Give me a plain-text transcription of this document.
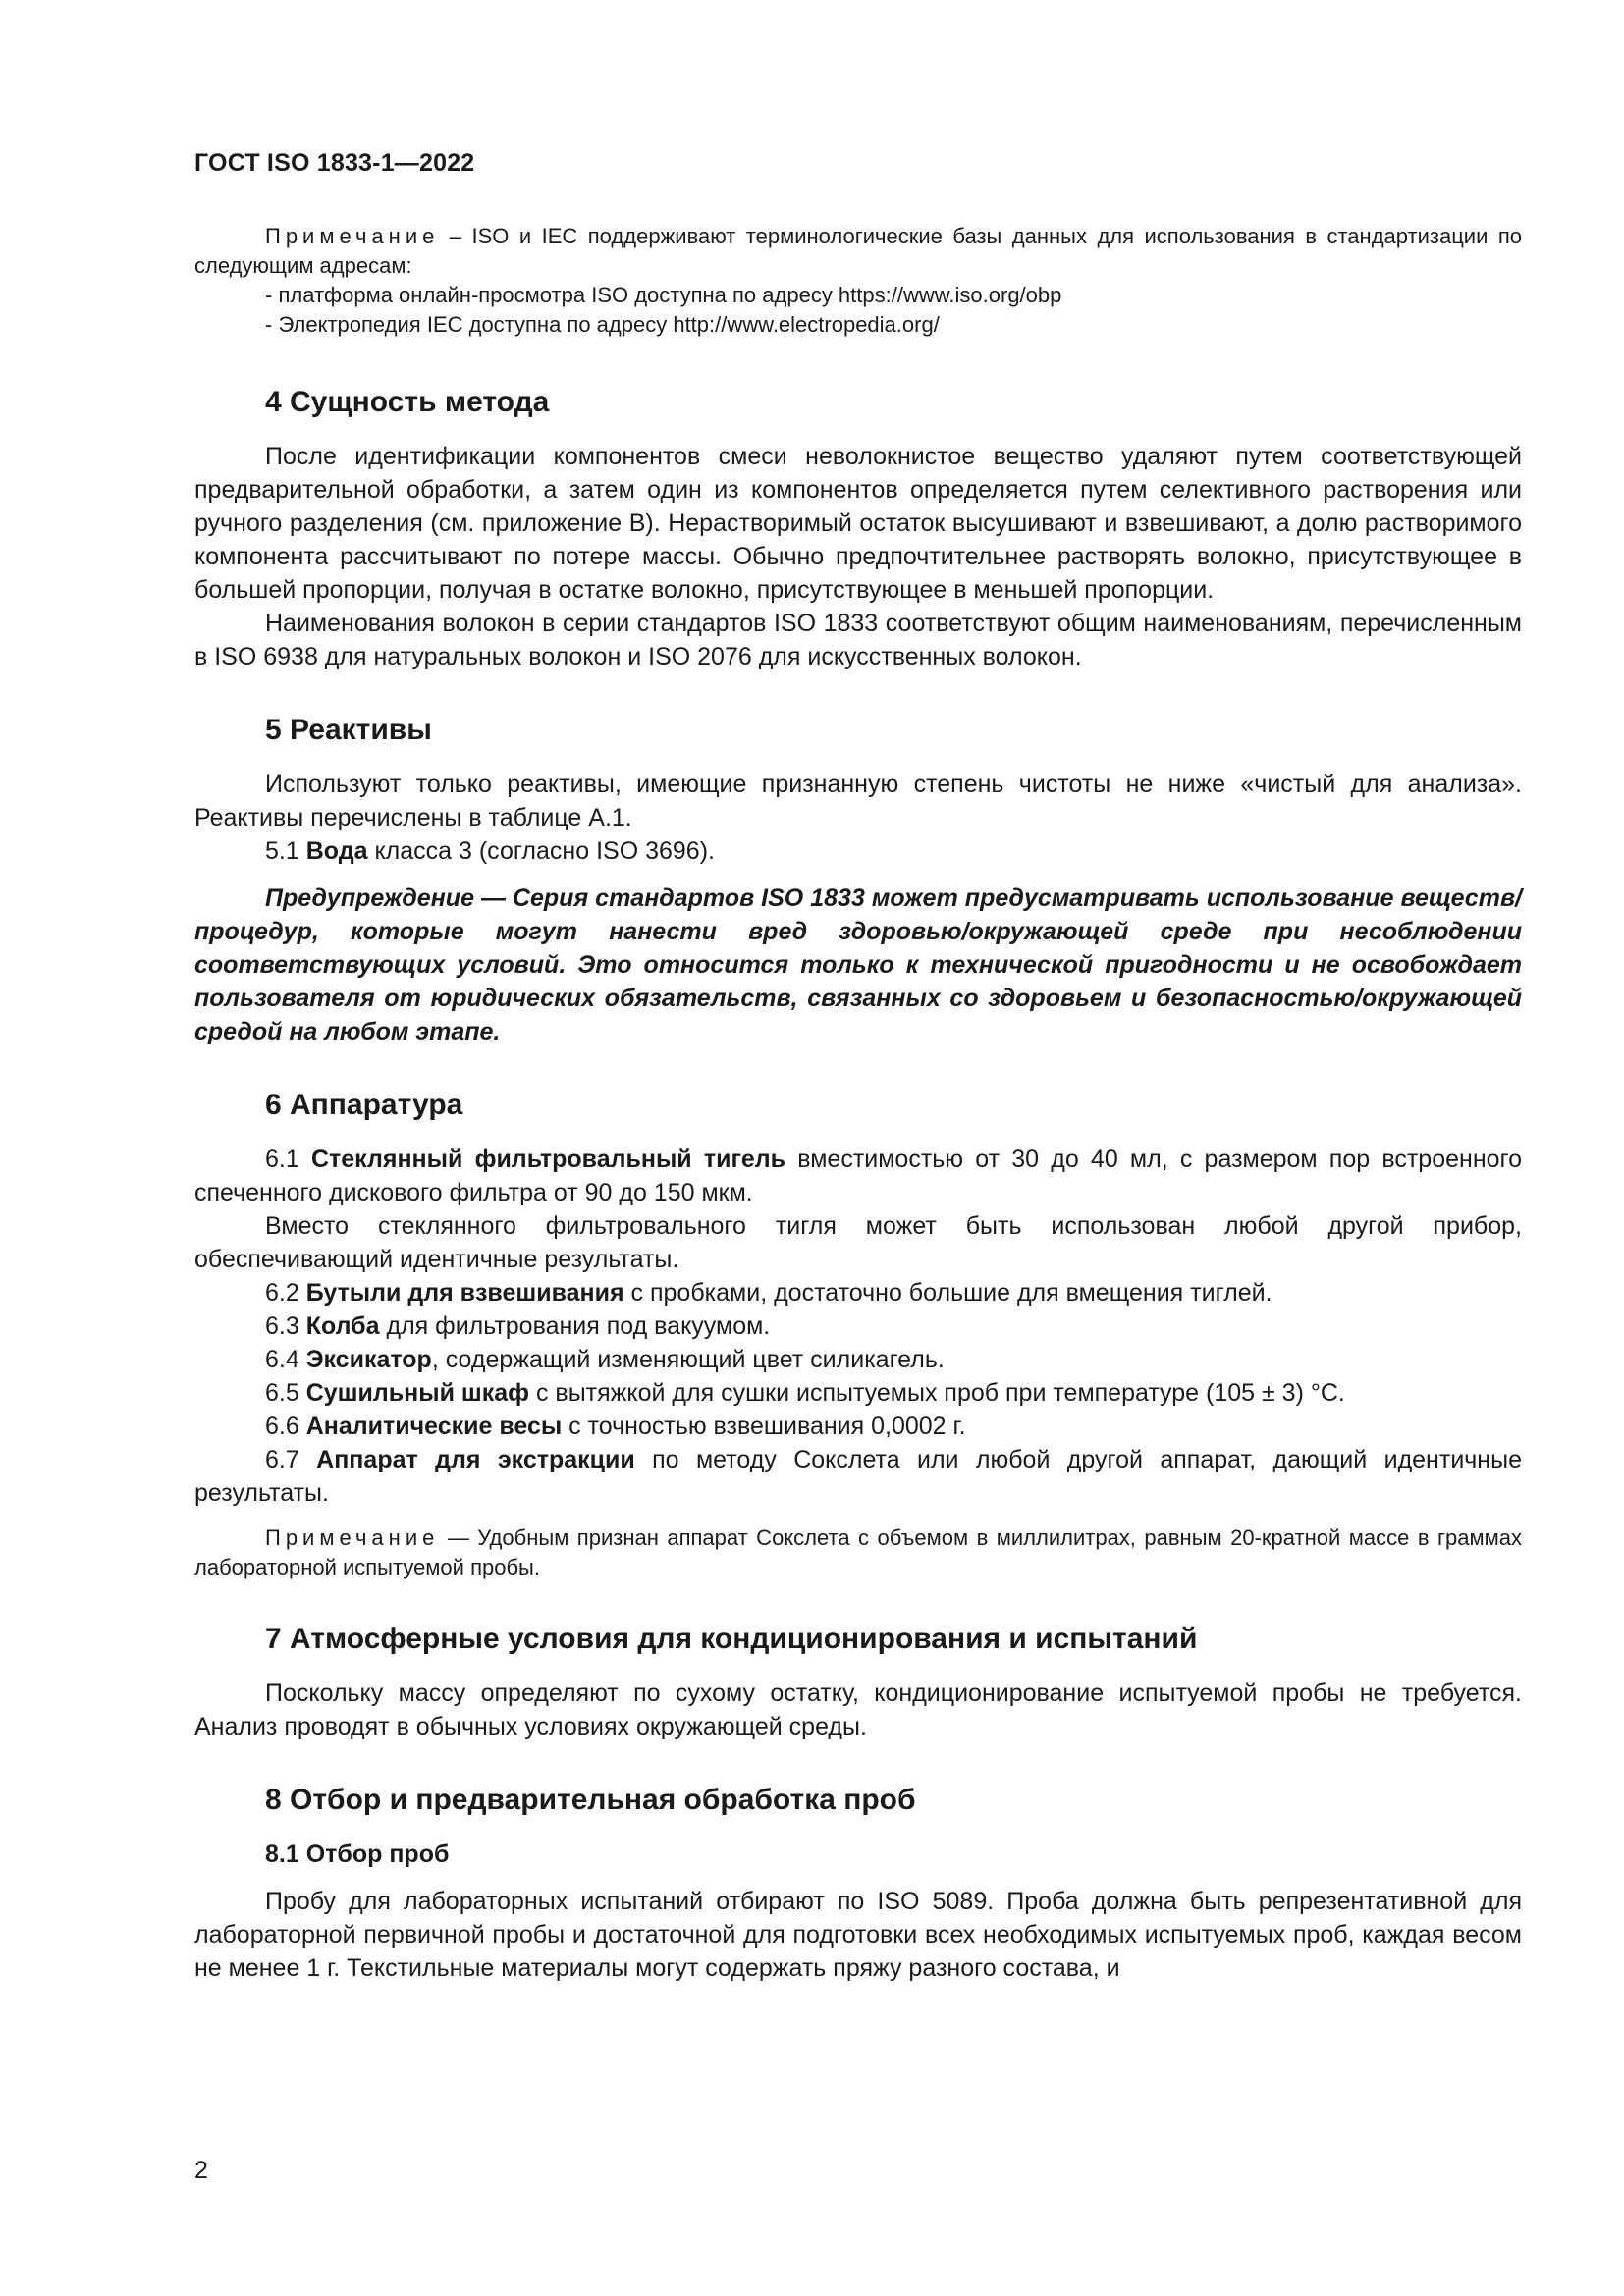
ГОСТ ISO 1833-1—2022

Примечание – ISO и IEC поддерживают терминологические базы данных для использования в стандартизации по следующим адресам:

- платформа онлайн-просмотра ISO доступна по адресу https://www.iso.org/obp
- Электропедия IEC доступна по адресу http://www.electropedia.org/
4 Сущность метода

После идентификации компонентов смеси неволокнистое вещество удаляют путем соответствующей предварительной обработки, а затем один из компонентов определяется путем селективного растворения или ручного разделения (см. приложение В). Нерастворимый остаток высушивают и взвешивают, а долю растворимого компонента рассчитывают по потере массы. Обычно предпочтительнее растворять волокно, присутствующее в большей пропорции, получая в остатке волокно, присутствующее в меньшей пропорции.

Наименования волокон в серии стандартов ISO 1833 соответствуют общим наименованиям, перечисленным в ISO 6938 для натуральных волокон и ISO 2076 для искусственных волокон.

5 Реактивы

Используют только реактивы, имеющие признанную степень чистоты не ниже «чистый для анализа». Реактивы перечислены в таблице А.1.

5.1 Вода класса 3 (согласно ISO 3696).

Предупреждение — Серия стандартов ISO 1833 может предусматривать использование веществ/процедур, которые могут нанести вред здоровью/окружающей среде при несоблюдении соответствующих условий. Это относится только к технической пригодности и не освобождает пользователя от юридических обязательств, связанных со здоровьем и безопасностью/окружающей средой на любом этапе.

6 Аппаратура

6.1 Стеклянный фильтровальный тигель вместимостью от 30 до 40 мл, с размером пор встроенного спеченного дискового фильтра от 90 до 150 мкм.

Вместо стеклянного фильтровального тигля может быть использован любой другой прибор, обеспечивающий идентичные результаты.

6.2 Бутыли для взвешивания с пробками, достаточно большие для вмещения тиглей.

6.3 Колба для фильтрования под вакуумом.

6.4 Эксикатор, содержащий изменяющий цвет силикагель.

6.5 Сушильный шкаф с вытяжкой для сушки испытуемых проб при температуре (105 ± 3) °С.

6.6 Аналитические весы с точностью взвешивания 0,0002 г.

6.7 Аппарат для экстракции по методу Сокслета или любой другой аппарат, дающий идентичные результаты.

Примечание — Удобным признан аппарат Сокслета с объемом в миллилитрах, равным 20-кратной массе в граммах лабораторной испытуемой пробы.

7 Атмосферные условия для кондиционирования и испытаний

Поскольку массу определяют по сухому остатку, кондиционирование испытуемой пробы не требуется. Анализ проводят в обычных условиях окружающей среды.

8 Отбор и предварительная обработка проб
8.1 Отбор проб

Пробу для лабораторных испытаний отбирают по ISO 5089. Проба должна быть репрезентативной для лабораторной первичной пробы и достаточной для подготовки всех необходимых испытуемых проб, каждая весом не менее 1 г. Текстильные материалы могут содержать пряжу разного состава, и

2
